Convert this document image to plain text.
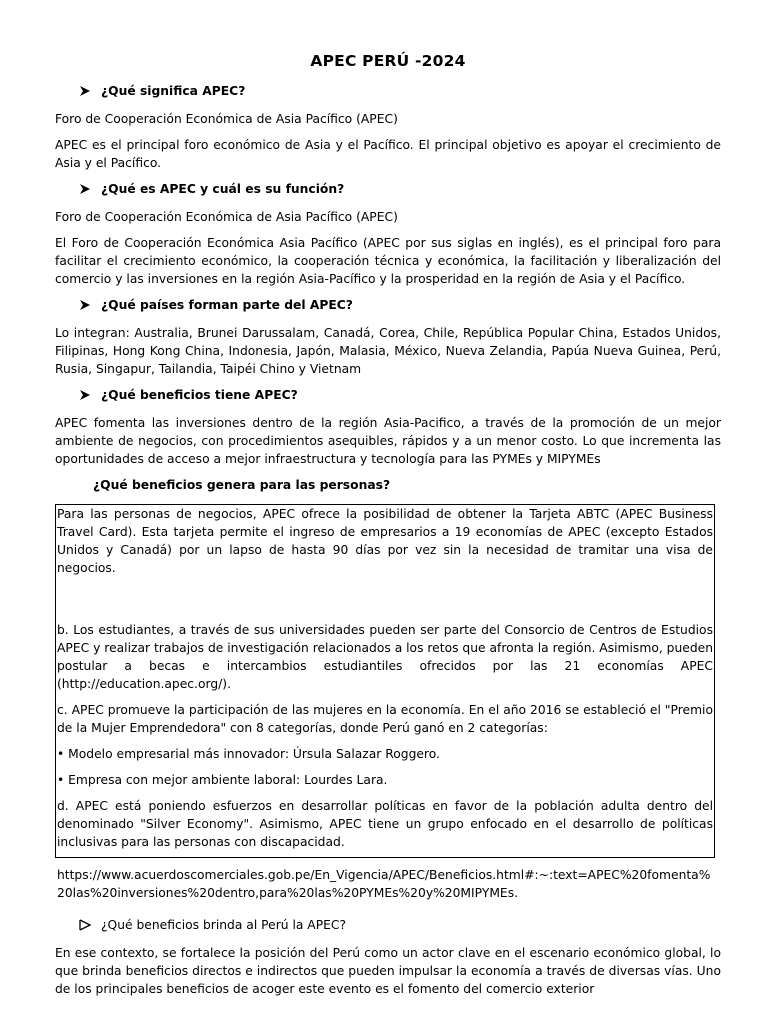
APEC PERÚ -2024
¿Qué significa APEC?

Foro de Cooperación Económica de Asia Pacífico (APEC)

APEC es el principal foro económico de Asia y el Pacífico. El principal objetivo es apoyar el crecimiento de Asia y el Pacífico.

¿Qué es APEC y cuál es su función?

Foro de Cooperación Económica de Asia Pacífico (APEC)

El Foro de Cooperación Económica Asia Pacífico (APEC por sus siglas en inglés), es el principal foro para facilitar el crecimiento económico, la cooperación técnica y económica, la facilitación y liberalización del comercio y las inversiones en la región Asia-Pacífico y la prosperidad en la región de Asia y el Pacífico.

¿Qué países forman parte del APEC?

Lo integran: Australia, Brunei Darussalam, Canadá, Corea, Chile, República Popular China, Estados Unidos, Filipinas, Hong Kong China, Indonesia, Japón, Malasia, México, Nueva Zelandia, Papúa Nueva Guinea, Perú, Rusia, Singapur, Tailandia, Taipéi Chino y Vietnam

¿Qué beneficios tiene APEC?

APEC fomenta las inversiones dentro de la región Asia-Pacifico, a través de la promoción de un mejor ambiente de negocios, con procedimientos asequibles, rápidos y a un menor costo. Lo que incrementa las oportunidades de acceso a mejor infraestructura y tecnología para las PYMEs y MIPYMEs

¿Qué beneficios genera para las personas?

Para las personas de negocios, APEC ofrece la posibilidad de obtener la Tarjeta ABTC (APEC Business Travel Card). Esta tarjeta permite el ingreso de empresarios a 19 economías de APEC (excepto Estados Unidos y Canadá) por un lapso de hasta 90 días por vez sin la necesidad de tramitar una visa de negocios.

b. Los estudiantes, a través de sus universidades pueden ser parte del Consorcio de Centros de Estudios APEC y realizar trabajos de investigación relacionados a los retos que afronta la región. Asimismo, pueden postular a becas e intercambios estudiantiles ofrecidos por las 21 economías APEC (http://education.apec.org/).

c. APEC promueve la participación de las mujeres en la economía. En el año 2016 se estableció el "Premio de la Mujer Emprendedora" con 8 categorías, donde Perú ganó en 2 categorías:

• Modelo empresarial más innovador: Úrsula Salazar Roggero.

• Empresa con mejor ambiente laboral: Lourdes Lara.

d. APEC está poniendo esfuerzos en desarrollar políticas en favor de la población adulta dentro del denominado "Silver Economy". Asimismo, APEC tiene un grupo enfocado en el desarrollo de políticas inclusivas para las personas con discapacidad.

https://www.acuerdoscomerciales.gob.pe/En_Vigencia/APEC/Beneficios.html#:~:text=APEC%20fomenta%20las%20inversiones%20dentro,para%20las%20PYMEs%20y%20MIPYMEs.
¿Qué beneficios brinda al Perú la APEC?

En ese contexto, se fortalece la posición del Perú como un actor clave en el escenario económico global, lo que brinda beneficios directos e indirectos que pueden impulsar la economía a través de diversas vías. Uno de los principales beneficios de acoger este evento es el fomento del comercio exterior
